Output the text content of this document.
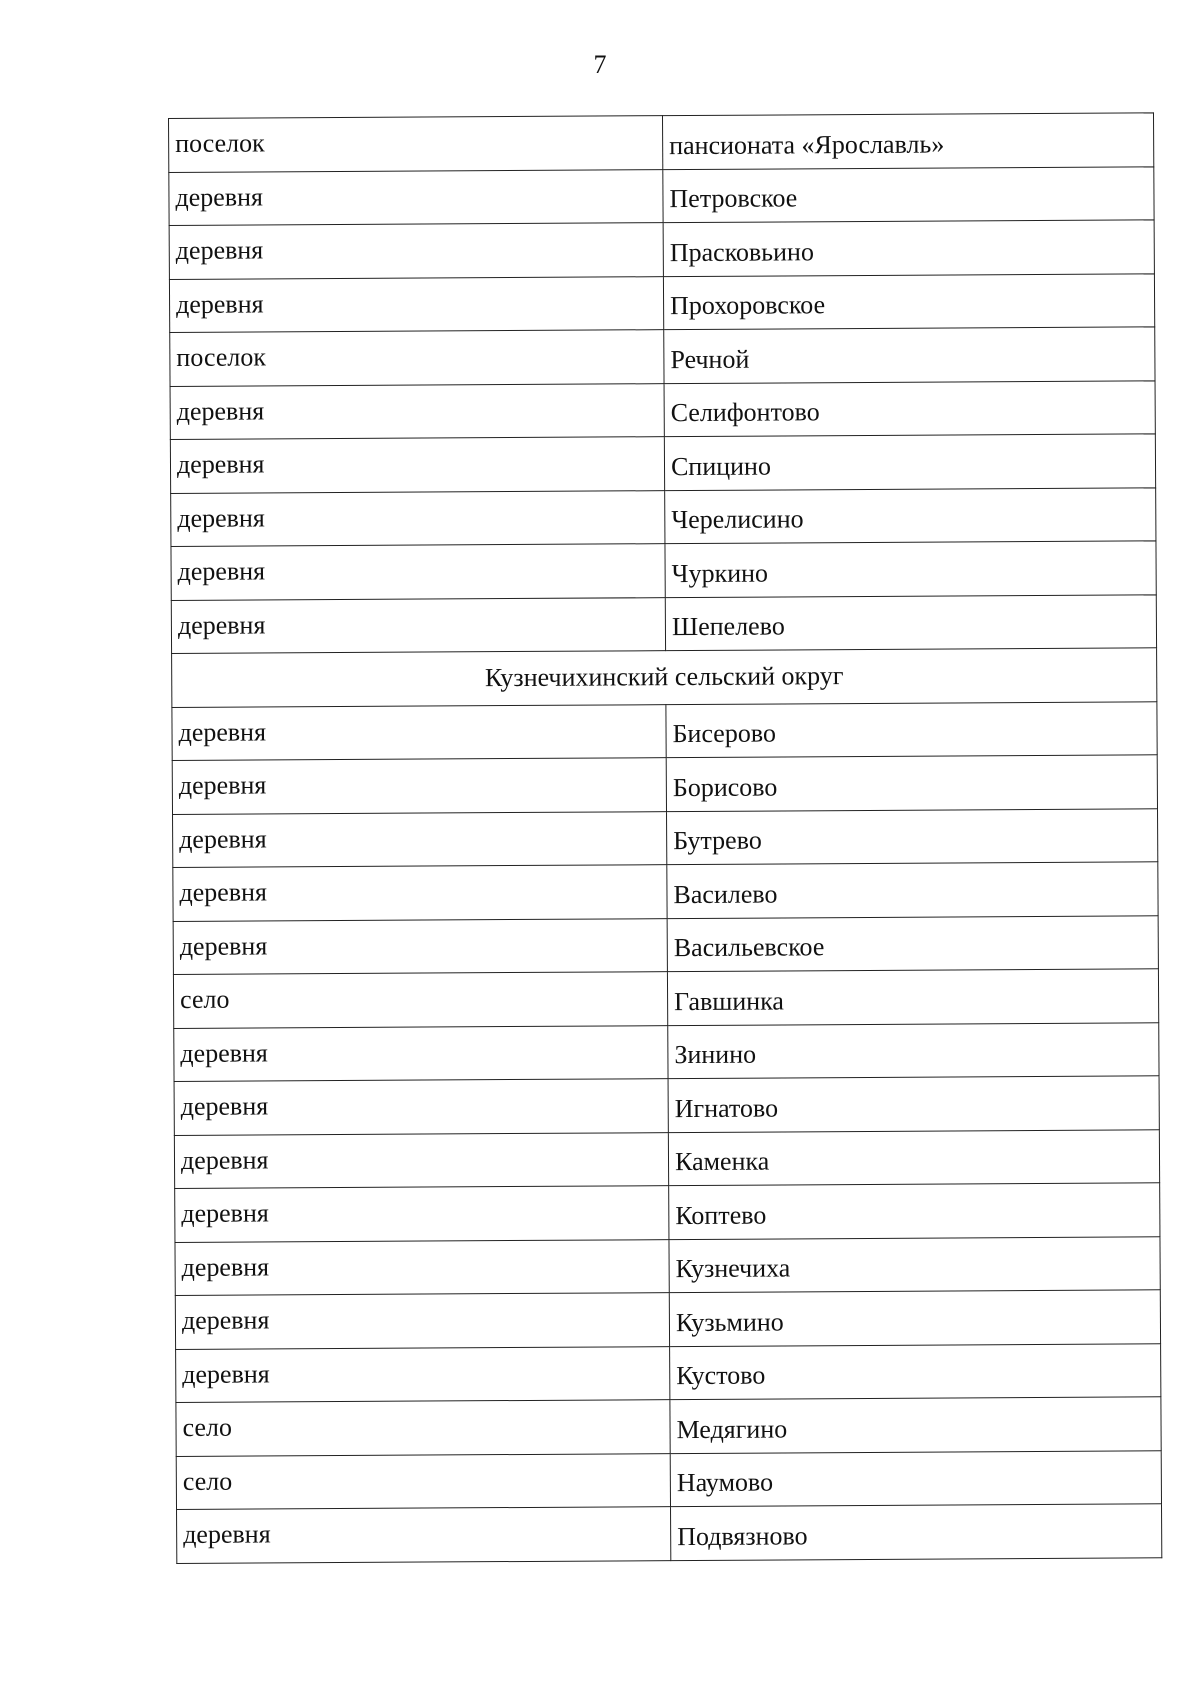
7
поселок	пансионата «Ярославль»
деревня	Петровское
деревня	Прасковьино
деревня	Прохоровское
поселок	Речной
деревня	Селифонтово
деревня	Спицино
деревня	Черелисино
деревня	Чуркино
деревня	Шепелево
Кузнечихинский сельский округ	
деревня	Бисерово
деревня	Борисово
деревня	Бутрево
деревня	Василево
деревня	Васильевское
село	Гавшинка
деревня	Зинино
деревня	Игнатово
деревня	Каменка
деревня	Коптево
деревня	Кузнечиха
деревня	Кузьмино
деревня	Кустово
село	Медягино
село	Наумово
деревня	Подвязново
